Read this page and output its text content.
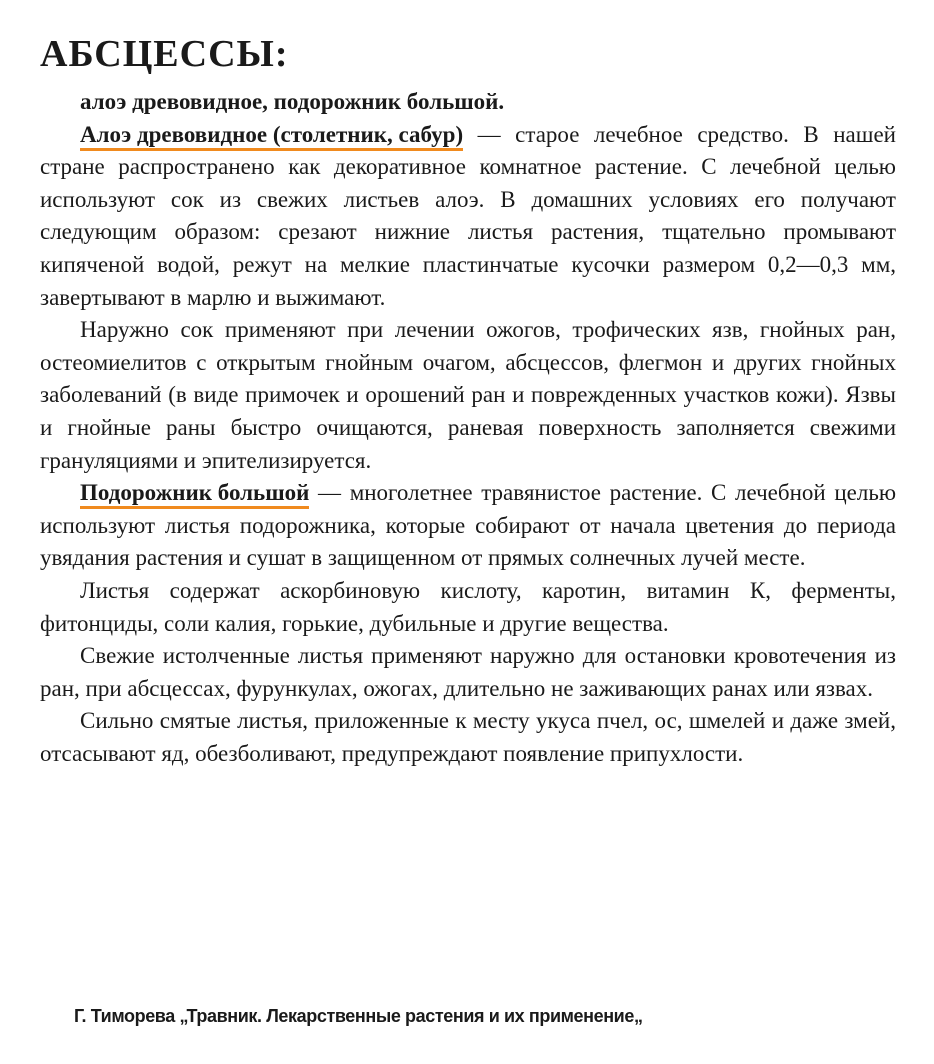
АБСЦЕССЫ:

алоэ древовидное, подорожник большой.

Алоэ древовидное (столетник, сабур) — старое лечебное средство. В нашей стране распространено как декоративное комнатное растение. С лечебной целью используют сок из свежих листьев алоэ. В домашних условиях его получают следующим образом: срезают нижние листья растения, тщательно промывают кипяченой водой, режут на мелкие пластинчатые кусочки размером 0,2—0,3 мм, завертывают в марлю и выжимают.

Наружно сок применяют при лечении ожогов, трофических язв, гнойных ран, остеомиелитов с открытым гнойным очагом, абсцессов, флегмон и других гнойных заболеваний (в виде примочек и орошений ран и поврежденных участков кожи). Язвы и гнойные раны быстро очищаются, раневая поверхность заполняется свежими грануляциями и эпителизируется.

Подорожник большой — многолетнее травянистое растение. С лечебной целью используют листья подорожника, которые собирают от начала цветения до периода увядания растения и сушат в защищенном от прямых солнечных лучей месте.

Листья содержат аскорбиновую кислоту, каротин, витамин К, ферменты, фитонциды, соли калия, горькие, дубильные и другие вещества.

Свежие истолченные листья применяют наружно для остановки кровотечения из ран, при абсцессах, фурункулах, ожогах, длительно не заживающих ранах или язвах.

Сильно смятые листья, приложенные к месту укуса пчел, ос, шмелей и даже змей, отсасывают яд, обезболивают, предупреждают появление припухлости.

Г. Тиморева „Травник. Лекарственные растения и их применение„
